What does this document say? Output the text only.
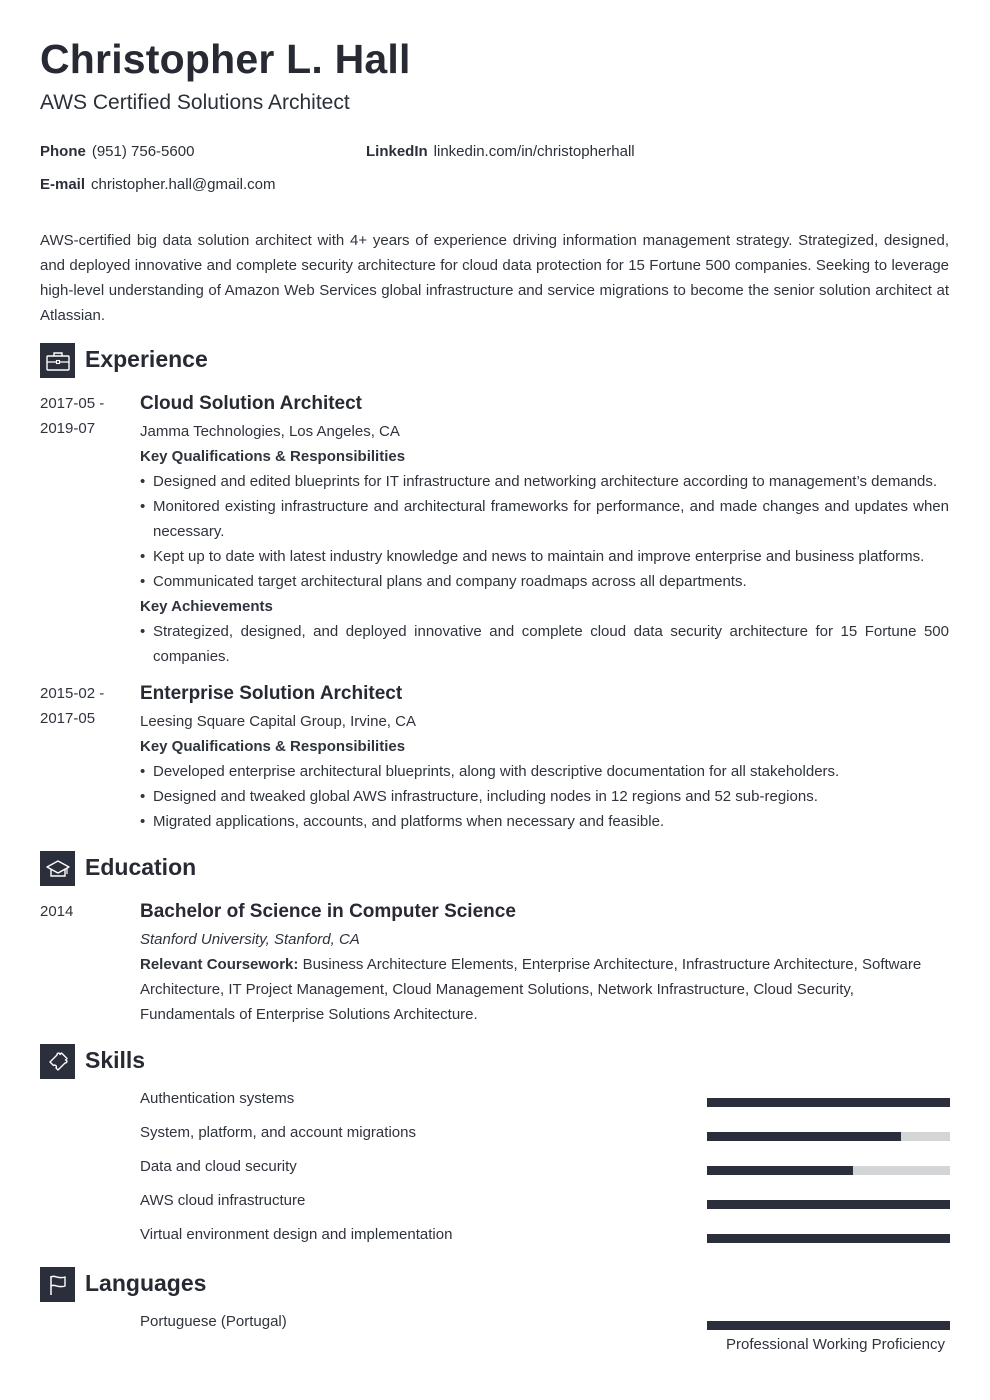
Christopher L. Hall
AWS Certified Solutions Architect
Phone (951) 756-5600	LinkedIn linkedin.com/in/christopherhall
E-mail christopher.hall@gmail.com

AWS-certified big data solution architect with 4+ years of experience driving information management strategy. Strategized, designed, and deployed innovative and complete security architecture for cloud data protection for 15 Fortune 500 companies. Seeking to leverage high-level understanding of Amazon Web Services global infrastructure and service migrations to become the senior solution architect at Atlassian.

Experience
2017-05 -
2019-07
Cloud Solution Architect
Jamma Technologies, Los Angeles, CA
Key Qualifications & Responsibilities
• Designed and edited blueprints for IT infrastructure and networking architecture according to management’s demands.
• Monitored existing infrastructure and architectural frameworks for performance, and made changes and updates when necessary.
• Kept up to date with latest industry knowledge and news to maintain and improve enterprise and business platforms.
• Communicated target architectural plans and company roadmaps across all departments.
Key Achievements
• Strategized, designed, and deployed innovative and complete cloud data security architecture for 15 Fortune 500 companies.
2015-02 -
2017-05
Enterprise Solution Architect
Leesing Square Capital Group, Irvine, CA
Key Qualifications & Responsibilities
• Developed enterprise architectural blueprints, along with descriptive documentation for all stakeholders.
• Designed and tweaked global AWS infrastructure, including nodes in 12 regions and 52 sub-regions.
• Migrated applications, accounts, and platforms when necessary and feasible.
Education
2014	Bachelor of Science in Computer Science
Stanford University, Stanford, CA
Relevant Coursework: Business Architecture Elements, Enterprise Architecture, Infrastructure Architecture, Software Architecture, IT Project Management, Cloud Management Solutions, Network Infrastructure, Cloud Security, Fundamentals of Enterprise Solutions Architecture.
Skills
Authentication systems
System, platform, and account migrations
Data and cloud security
AWS cloud infrastructure
Virtual environment design and implementation
Languages
Portuguese (Portugal)
Professional Working Proficiency
